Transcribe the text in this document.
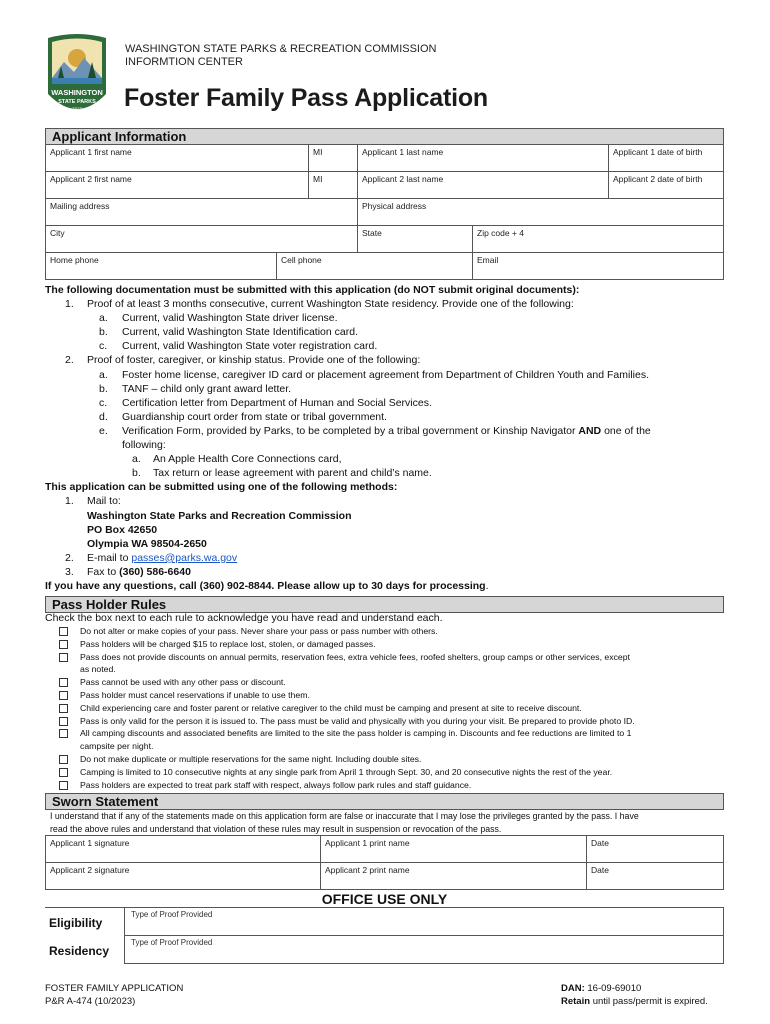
WASHINGTON
STATE PARKS
1913
WASHINGTON STATE PARKS & RECREATION COMMISSION
INFORMTION CENTER
Foster Family Pass Application
Applicant Information
Applicant 1 first name	MI	Applicant 1 last name	Applicant 1 date of birth
Applicant 2 first name	MI	Applicant 2 last name	Applicant 2 date of birth
Mailing address	Physical address
City	State	Zip code + 4
Home phone	Cell phone	Email
The following documentation must be submitted with this application (do NOT submit original documents):
1. Proof of at least 3 months consecutive, current Washington State residency. Provide one of the following:
a. Current, valid Washington State driver license.
b. Current, valid Washington State Identification card.
c. Current, valid Washington State voter registration card.
2. Proof of foster, caregiver, or kinship status. Provide one of the following:
a. Foster home license, caregiver ID card or placement agreement from Department of Children Youth and Families.
b. TANF – child only grant award letter.
c. Certification letter from Department of Human and Social Services.
d. Guardianship court order from state or tribal government.
e. Verification Form, provided by Parks, to be completed by a tribal government or Kinship Navigator AND one of the
following:
a. An Apple Health Core Connections card,
b. Tax return or lease agreement with parent and child’s name.
This application can be submitted using one of the following methods:
1. Mail to:
Washington State Parks and Recreation Commission
PO Box 42650
Olympia WA 98504-2650
2. E-mail to passes@parks.wa.gov
3. Fax to (360) 586-6640
If you have any questions, call (360) 902-8844. Please allow up to 30 days for processing.
Pass Holder Rules
Check the box next to each rule to acknowledge you have read and understand each.
Do not alter or make copies of your pass. Never share your pass or pass number with others.
Pass holders will be charged $15 to replace lost, stolen, or damaged passes.
Pass does not provide discounts on annual permits, reservation fees, extra vehicle fees, roofed shelters, group camps or other services, except
as noted.
Pass cannot be used with any other pass or discount.
Pass holder must cancel reservations if unable to use them.
Child experiencing care and foster parent or relative caregiver to the child must be camping and present at site to receive discount.
Pass is only valid for the person it is issued to. The pass must be valid and physically with you during your visit. Be prepared to provide photo ID.
All camping discounts and associated benefits are limited to the site the pass holder is camping in. Discounts and fee reductions are limited to 1
campsite per night.
Do not make duplicate or multiple reservations for the same night. Including double sites.
Camping is limited to 10 consecutive nights at any single park from April 1 through Sept. 30, and 20 consecutive nights the rest of the year.
Pass holders are expected to treat park staff with respect, always follow park rules and staff guidance.
Sworn Statement
I understand that if any of the statements made on this application form are false or inaccurate that I may lose the privileges granted by the pass. I have
read the above rules and understand that violation of these rules may result in suspension or revocation of the pass.
Applicant 1 signature	Applicant 1 print name	Date
Applicant 2 signature	Applicant 2 print name	Date
OFFICE USE ONLY
Eligibility
Type of Proof Provided
Residency
Type of Proof Provided
FOSTER FAMILY APPLICATION
P&R A-474 (10/2023)
DAN: 16-09-69010
Retain until pass/permit is expired.
